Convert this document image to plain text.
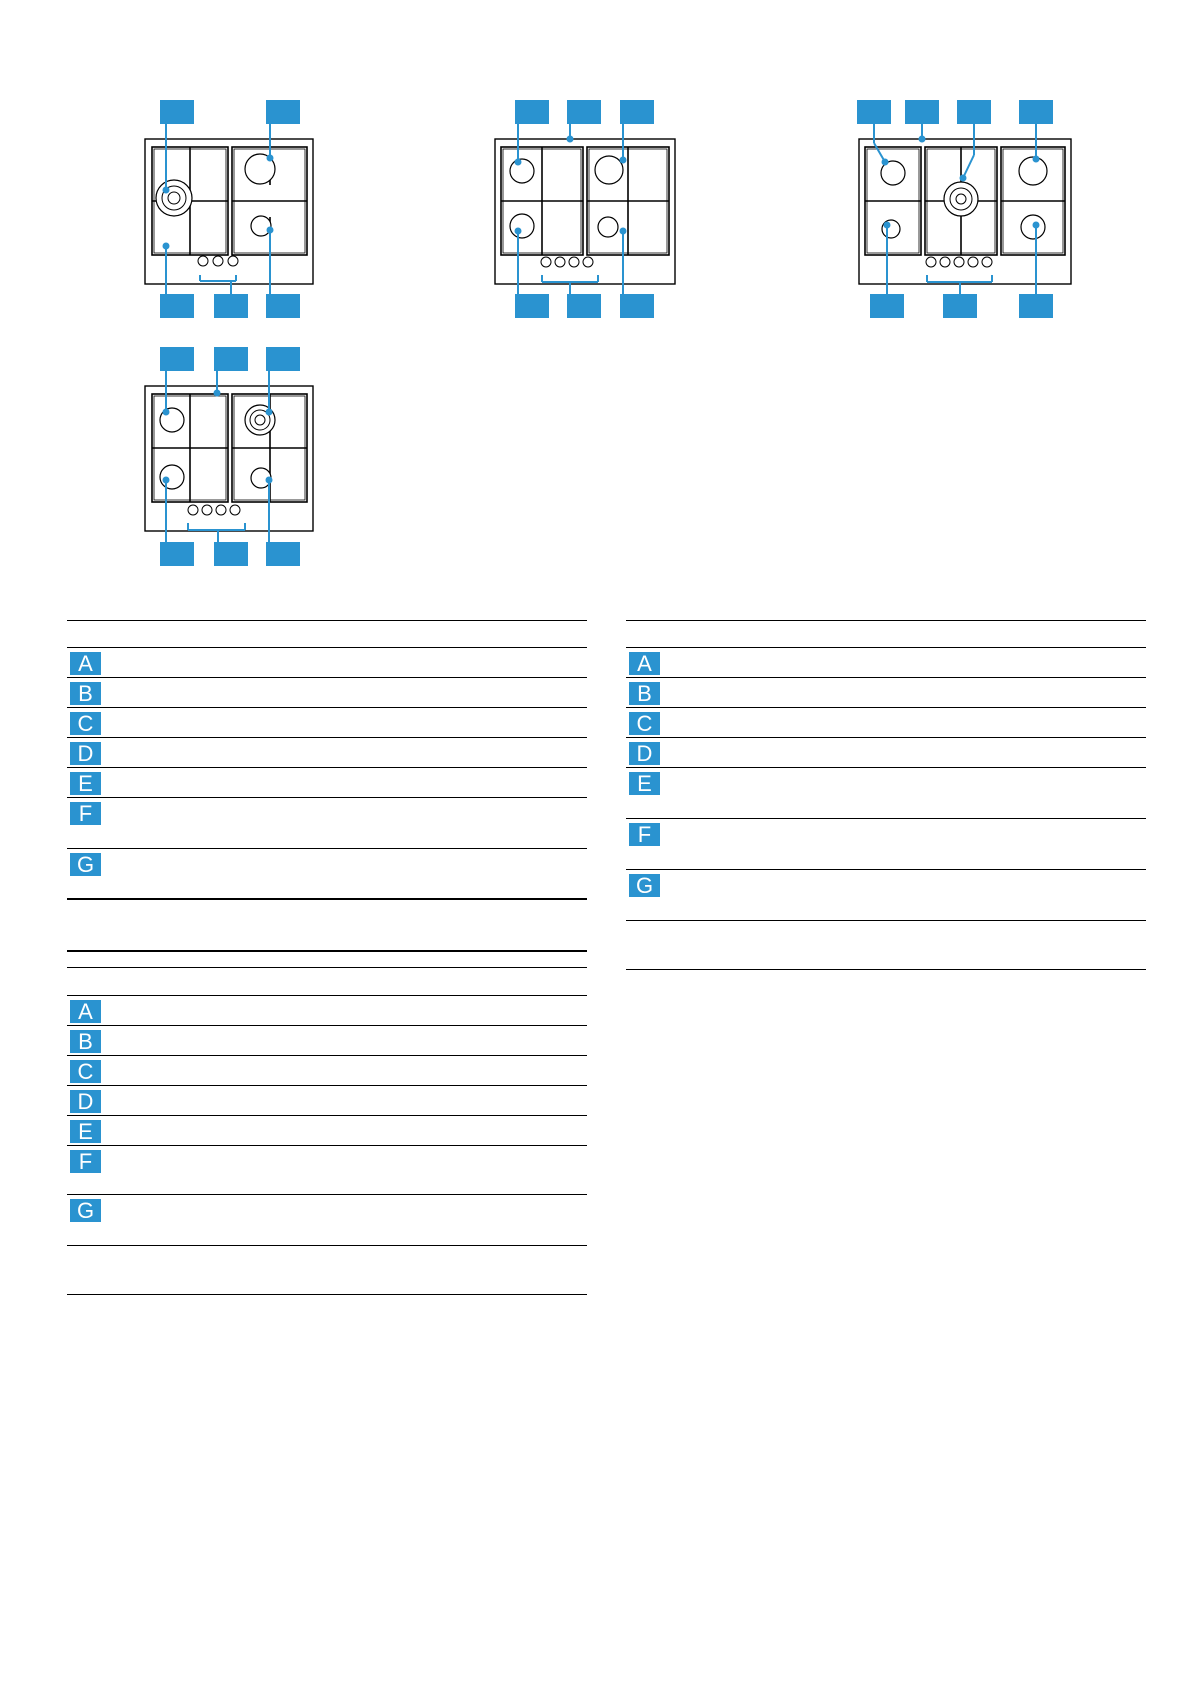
A
B
C
D
E
F
G
A
B
C
D
E
F
G
A
B
C
D
E
F
G
